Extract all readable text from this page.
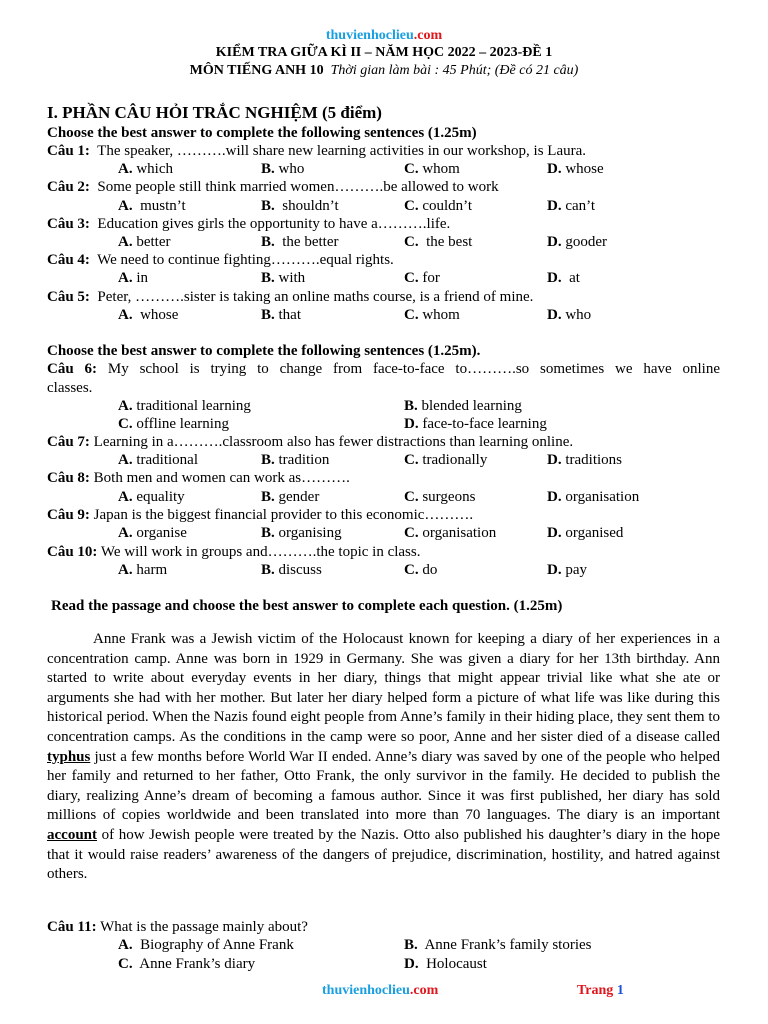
thuvienhoclieu.com
KIỂM TRA GIỮA KÌ II – NĂM HỌC 2022 – 2023-ĐỀ 1
MÔN TIẾNG ANH 10 Thời gian làm bài : 45 Phút; (Đề có 21 câu)
I. PHẦN CÂU HỎI TRẮC NGHIỆM (5 điểm)
Choose the best answer to complete the following sentences (1.25m)
Câu 1: The speaker, ……….will share new learning activities in our workshop, is Laura.
A. which	B. who	C. whom	D. whose
Câu 2: Some people still think married women……….be allowed to work
A. mustn’t	B. shouldn’t	C. couldn’t	D. can’t
Câu 3: Education gives girls the opportunity to have a……….life.
A. better	B. the better	C. the best	D. gooder
Câu 4: We need to continue fighting……….equal rights.
A. in	B. with	C. for	D. at
Câu 5: Peter, ……….sister is taking an online maths course, is a friend of mine.
A. whose	B. that	C. whom	D. who
Choose the best answer to complete the following sentences (1.25m).
Câu 6: My school is trying to change from face-to-face to……….so sometimes we have online
classes.
A. traditional learning	B. blended learning
C. offline learning	D. face-to-face learning
Câu 7: Learning in a……….classroom also has fewer distractions than learning online.
A. traditional	B. tradition	C. tradionally	D. traditions
Câu 8: Both men and women can work as……….
A. equality	B. gender	C. surgeons	D. organisation
Câu 9: Japan is the biggest financial provider to this economic……….
A. organise	B. organising	C. organisation	D. organised
Câu 10: We will work in groups and……….the topic in class.
A. harm	B. discuss	C. do	D. pay
Read the passage and choose the best answer to complete each question. (1.25m)

Anne Frank was a Jewish victim of the Holocaust known for keeping a diary of her experiences in a concentration camp. Anne was born in 1929 in Germany. She was given a diary for her 13th birthday. Ann started to write about everyday events in her diary, things that might appear trivial like what she ate or arguments she had with her mother. But later her diary helped form a picture of what life was like during this historical period. When the Nazis found eight people from Anne’s family in their hiding place, they sent them to concentration camps. As the conditions in the camp were so poor, Anne and her sister died of a disease called typhus just a few months before World War II ended. Anne’s diary was saved by one of the people who helped her family and returned to her father, Otto Frank, the only survivor in the family. He decided to publish the diary, realizing Anne’s dream of becoming a famous author. Since it was first published, her diary has sold millions of copies worldwide and been translated into more than 70 languages. The diary is an important account of how Jewish people were treated by the Nazis. Otto also published his daughter’s diary in the hope that it would raise readers’ awareness of the dangers of prejudice, discrimination, hostility, and hatred against others.

Câu 11: What is the passage mainly about?
A. Biography of Anne Frank	B. Anne Frank’s family stories
C. Anne Frank’s diary	D. Holocaust
thuvienhoclieu.com	Trang 1
